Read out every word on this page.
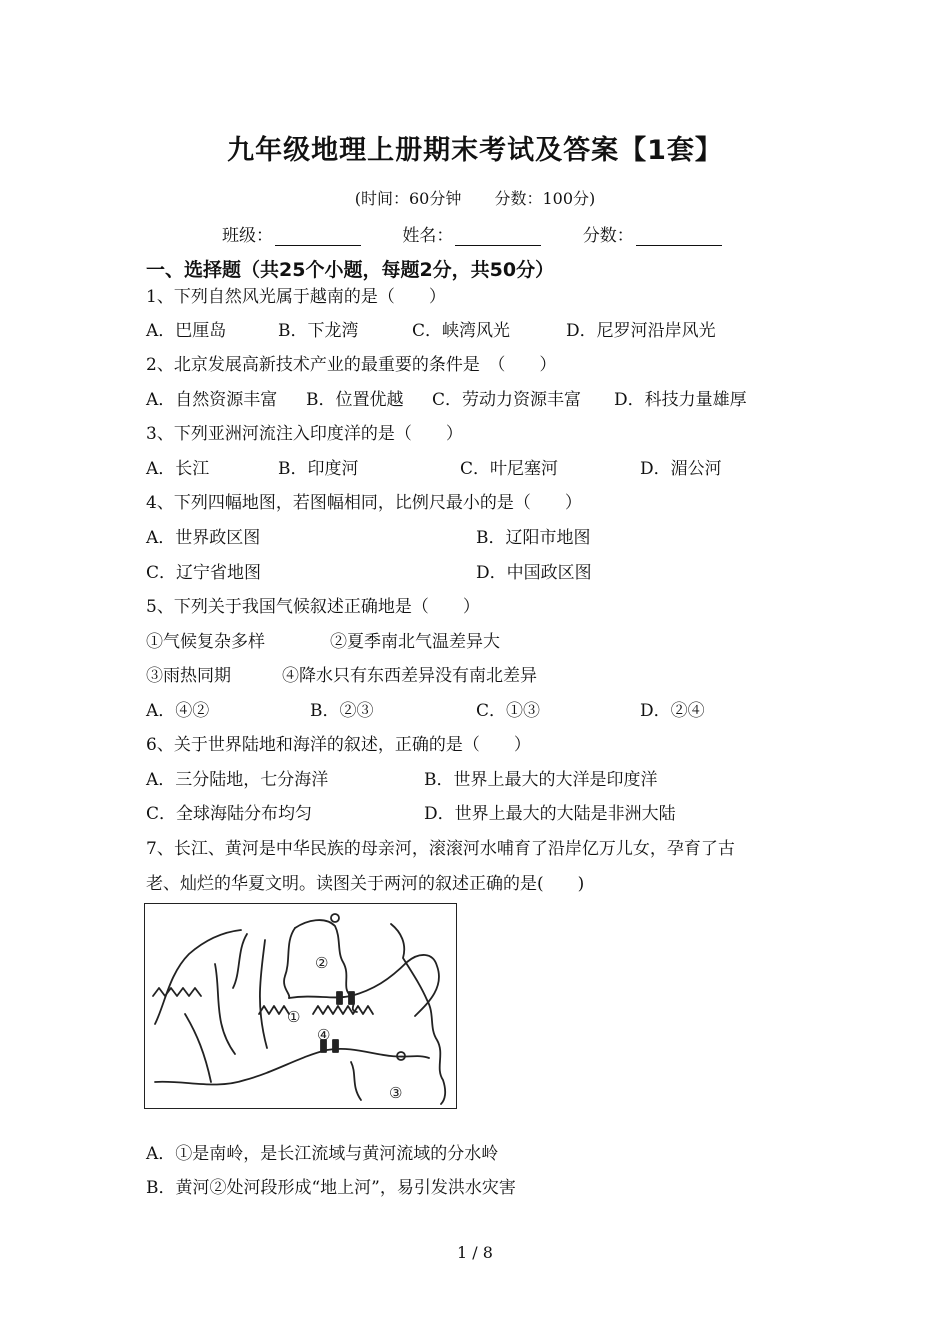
九年级地理上册期末考试及答案【1套】
(时间：60分钟 分数：100分)
班级：	姓名：	分数：
一、选择题（共25个小题，每题2分，共50分）
1、下列自然风光属于越南的是（　　）
A．巴厘岛	B．下龙湾	C．峡湾风光	D．尼罗河沿岸风光
2、北京发展高新技术产业的最重要的条件是　（　　）
A．自然资源丰富 B．位置优越 C．劳动力资源丰富 D．科技力量雄厚
3、下列亚洲河流注入印度洋的是（　　）
A．长江	B．印度河	C．叶尼塞河	D．湄公河
4、下列四幅地图，若图幅相同，比例尺最小的是（　　）
A．世界政区图	B．辽阳市地图
C．辽宁省地图	D．中国政区图
5、下列关于我国气候叙述正确地是（　　）
①气候复杂多样	②夏季南北气温差异大
③雨热同期	④降水只有东西差异没有南北差异
A．④②	B．②③	C．①③	D．②④
6、关于世界陆地和海洋的叙述，正确的是（　　）
A．三分陆地，七分海洋	B．世界上最大的大洋是印度洋
C．全球海陆分布均匀	D．世界上最大的大陆是非洲大陆
7、长江、黄河是中华民族的母亲河，滚滚河水哺育了沿岸亿万儿女，孕育了古
老、灿烂的华夏文明。读图关于两河的叙述正确的是(　　)
②
①
④
③
A．①是南岭，是长江流域与黄河流域的分水岭
B．黄河②处河段形成“地上河”，易引发洪水灾害
1 / 8
